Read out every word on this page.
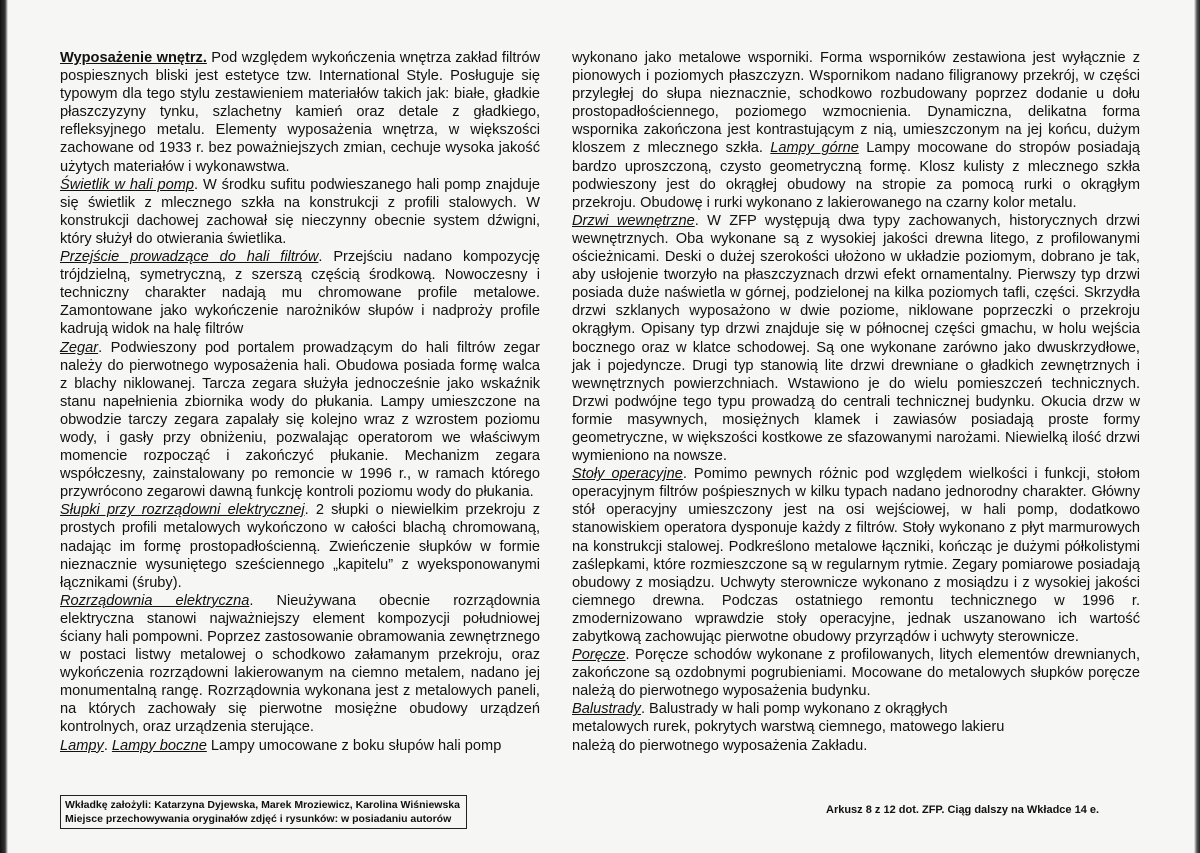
Wyposażenie wnętrz. Pod względem wykończenia wnętrza zakład filtrów pospiesznych bliski jest estetyce tzw. International Style. Posługuje się typowym dla tego stylu zestawieniem materiałów takich jak: białe, gładkie płaszczyzyny tynku, szlachetny kamień oraz detale z gładkiego, refleksyjnego metalu. Elementy wyposażenia wnętrza, w większości zachowane od 1933 r. bez poważniejszych zmian, cechuje wysoka jakość użytych materiałów i wykonawstwa.

Świetlik w hali pomp. W środku sufitu podwieszanego hali pomp znajduje się świetlik z mlecznego szkła na konstrukcji z profili stalowych. W konstrukcji dachowej zachował się nieczynny obecnie system dźwigni, który służył do otwierania świetlika.

Przejście prowadzące do hali filtrów. Przejściu nadano kompozycję trójdzielną, symetryczną, z szerszą częścią środkową. Nowoczesny i techniczny charakter nadają mu chromowane profile metalowe. Zamontowane jako wykończenie narożników słupów i nadproży profile kadrują widok na halę filtrów

Zegar. Podwieszony pod portalem prowadzącym do hali filtrów zegar należy do pierwotnego wyposażenia hali. Obudowa posiada formę walca z blachy niklowanej. Tarcza zegara służyła jednocześnie jako wskaźnik stanu napełnienia zbiornika wody do płukania. Lampy umieszczone na obwodzie tarczy zegara zapalały się kolejno wraz z wzrostem poziomu wody, i gasły przy obniżeniu, pozwalając operatorom we właściwym momencie rozpocząć i zakończyć płukanie. Mechanizm zegara współczesny, zainstalowany po remoncie w 1996 r., w ramach którego przywrócono zegarowi dawną funkcję kontroli poziomu wody do płukania.

Słupki przy rozrządowni elektrycznej. 2 słupki o niewielkim przekroju z prostych profili metalowych wykończono w całości blachą chromowaną, nadając im formę prostopadłościenną. Zwieńczenie słupków w formie nieznacznie wysuniętego sześciennego „kapitelu” z wyeksponowanymi łącznikami (śruby).

Rozrządownia elektryczna. Nieużywana obecnie rozrządownia elektryczna stanowi najważniejszy element kompozycji południowej ściany hali pompowni. Poprzez zastosowanie obramowania zewnętrznego w postaci listwy metalowej o schodkowo załamanym przekroju, oraz wykończenia rozrządowni lakierowanym na ciemno metalem, nadano jej monumentalną rangę. Rozrządownia wykonana jest z metalowych paneli, na których zachowały się pierwotne mosiężne obudowy urządzeń kontrolnych, oraz urządzenia sterujące.

Lampy. Lampy boczne Lampy umocowane z boku słupów hali pomp

wykonano jako metalowe wsporniki. Forma wsporników zestawiona jest wyłącznie z pionowych i poziomych płaszczyzn. Wspornikom nadano filigranowy przekrój, w części przyległej do słupa nieznacznie, schodkowo rozbudowany poprzez dodanie u dołu prostopadłościennego, poziomego wzmocnienia. Dynamiczna, delikatna forma wspornika zakończona jest kontrastującym z nią, umieszczonym na jej końcu, dużym kloszem z mlecznego szkła. Lampy górne Lampy mocowane do stropów posiadają bardzo uproszczoną, czysto geometryczną formę. Klosz kulisty z mlecznego szkła podwieszony jest do okrągłej obudowy na stropie za pomocą rurki o okrągłym przekroju. Obudowę i rurki wykonano z lakierowanego na czarny kolor metalu.

Drzwi wewnętrzne. W ZFP występują dwa typy zachowanych, historycznych drzwi wewnętrznych. Oba wykonane są z wysokiej jakości drewna litego, z profilowanymi ościeżnicami. Deski o dużej szerokości ułożono w układzie poziomym, dobrano je tak, aby usłojenie tworzyło na płaszczyznach drzwi efekt ornamentalny. Pierwszy typ drzwi posiada duże naświetla w górnej, podzielonej na kilka poziomych tafli, części. Skrzydła drzwi szklanych wyposażono w dwie poziome, niklowane poprzeczki o przekroju okrągłym. Opisany typ drzwi znajduje się w północnej części gmachu, w holu wejścia bocznego oraz w klatce schodowej. Są one wykonane zarówno jako dwuskrzydłowe, jak i pojedyncze. Drugi typ stanowią lite drzwi drewniane o gładkich zewnętrznych i wewnętrznych powierzchniach. Wstawiono je do wielu pomieszczeń technicznych. Drzwi podwójne tego typu prowadzą do centrali technicznej budynku. Okucia drzw w formie masywnych, mosiężnych klamek i zawiasów posiadają proste formy geometryczne, w większości kostkowe ze sfazowanymi narożami. Niewielką ilość drzwi wymieniono na nowsze.

Stoły operacyjne. Pomimo pewnych różnic pod względem wielkości i funkcji, stołom operacyjnym filtrów pośpiesznych w kilku typach nadano jednorodny charakter. Główny stół operacyjny umieszczony jest na osi wejściowej, w hali pomp, dodatkowo stanowiskiem operatora dysponuje każdy z filtrów. Stoły wykonano z płyt marmurowych na konstrukcji stalowej. Podkreślono metalowe łączniki, kończąc je dużymi półkolistymi zaślepkami, które rozmieszczone są w regularnym rytmie. Zegary pomiarowe posiadają obudowy z mosiądzu. Uchwyty sterownicze wykonano z mosiądzu i z wysokiej jakości ciemnego drewna. Podczas ostatniego remontu technicznego w 1996 r. zmodernizowano wprawdzie stoły operacyjne, jednak uszanowano ich wartość zabytkową zachowując pierwotne obudowy przyrządów i uchwyty sterownicze.

Poręcze. Poręcze schodów wykonane z profilowanych, litych elementów drewnianych, zakończone są ozdobnymi pogrubieniami. Mocowane do metalowych słupków poręcze należą do pierwotnego wyposażenia budynku.

Balustrady. Balustrady w hali pomp wykonano z okrągłych metalowych rurek, pokrytych warstwą ciemnego, matowego lakieru należą do pierwotnego wyposażenia Zakładu.

Wkładkę założyli: Katarzyna Dyjewska, Marek Mroziewicz, Karolina Wiśniewska
Miejsce przechowywania oryginałów zdjęć i rysunków: w posiadaniu autorów
Arkusz 8 z 12 dot. ZFP. Ciąg dalszy na Wkładce 14 e.
